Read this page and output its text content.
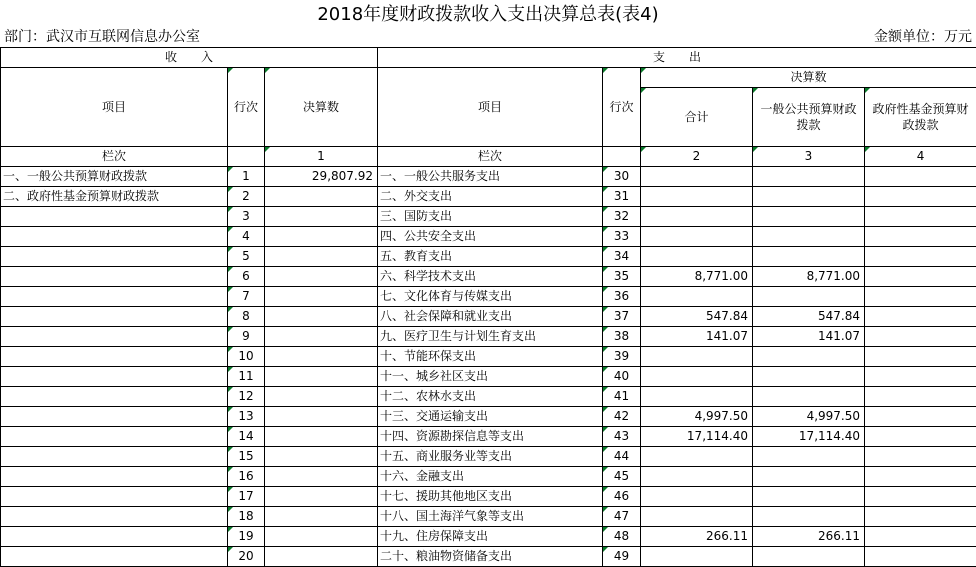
2018年度财政拨款收入支出决算总表(表4)
部门：武汉市互联网信息办公室	金额单位：万元
收　　入			支　　出				
项目	行次	决算数	项目	行次	决算数		
					合计	一般公共预算财政拨款	政府性基金预算财政拨款
栏次		1	栏次		2	3	4
一、一般公共预算财政拨款	1	29,807.92	一、一般公共服务支出	30			
二、政府性基金预算财政拨款	2		二、外交支出	31			
	3		三、国防支出	32			
	4		四、公共安全支出	33			
	5		五、教育支出	34			
	6		六、科学技术支出	35	8,771.00	8,771.00	
	7		七、文化体育与传媒支出	36			
	8		八、社会保障和就业支出	37	547.84	547.84	
	9		九、医疗卫生与计划生育支出	38	141.07	141.07	
	10		十、节能环保支出	39			
	11		十一、城乡社区支出	40			
	12		十二、农林水支出	41			
	13		十三、交通运输支出	42	4,997.50	4,997.50	
	14		十四、资源勘探信息等支出	43	17,114.40	17,114.40	
	15		十五、商业服务业等支出	44			
	16		十六、金融支出	45			
	17		十七、援助其他地区支出	46			
	18		十八、国土海洋气象等支出	47			
	19		十九、住房保障支出	48	266.11	266.11	
	20		二十、粮油物资储备支出	49			
